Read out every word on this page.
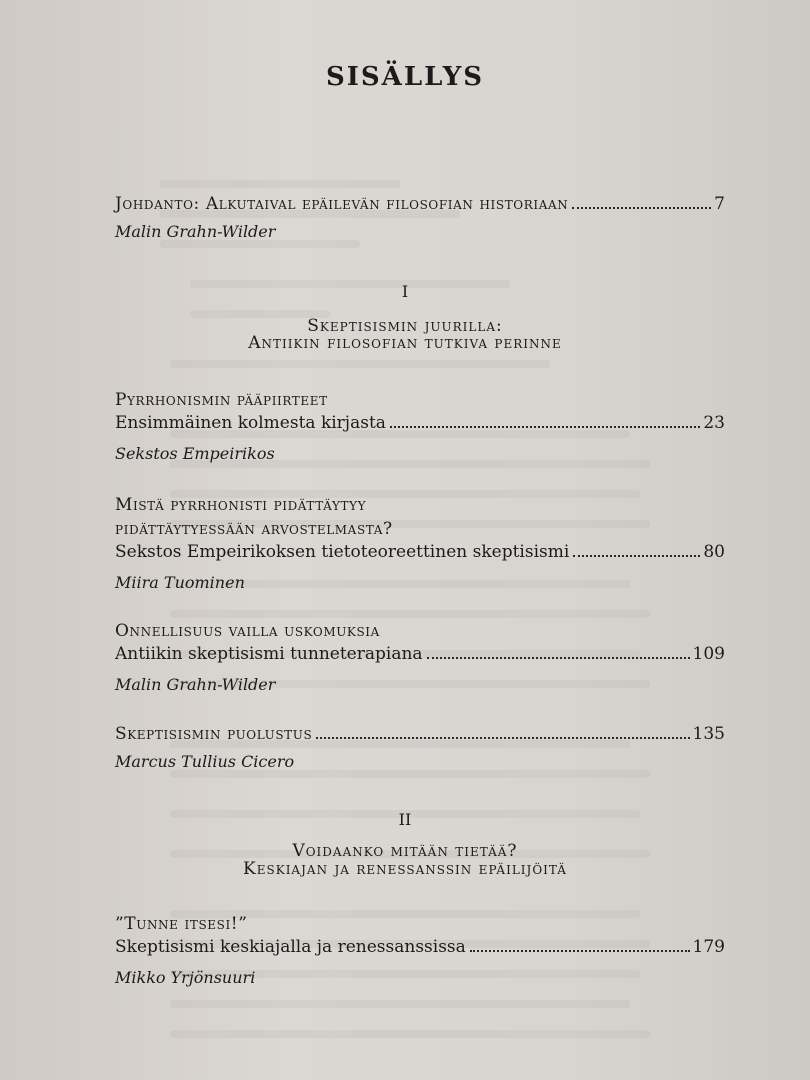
SISÄLLYS
Johdanto: Alkutaival epäilevän filosofian historiaan	7
Malin Grahn-Wilder
I
Skeptisismin juurilla:
Antiikin filosofian tutkiva perinne
Pyrrhonismin pääpiirteet
Ensimmäinen kolmesta kirjasta	23
Sekstos Empeirikos
Mistä pyrrhonisti pidättäytyy
pidättäytyessään arvostelmasta?
Sekstos Empeirikoksen tietoteoreettinen skeptisismi	80
Miira Tuominen
Onnellisuus vailla uskomuksia
Antiikin skeptisismi tunneterapiana	109
Malin Grahn-Wilder
Skeptisismin puolustus	135
Marcus Tullius Cicero
II
Voidaanko mitään tietää?
Keskiajan ja renessanssin epäilijöitä
”Tunne itsesi!”
Skeptisismi keskiajalla ja renessanssissa	179
Mikko Yrjönsuuri
